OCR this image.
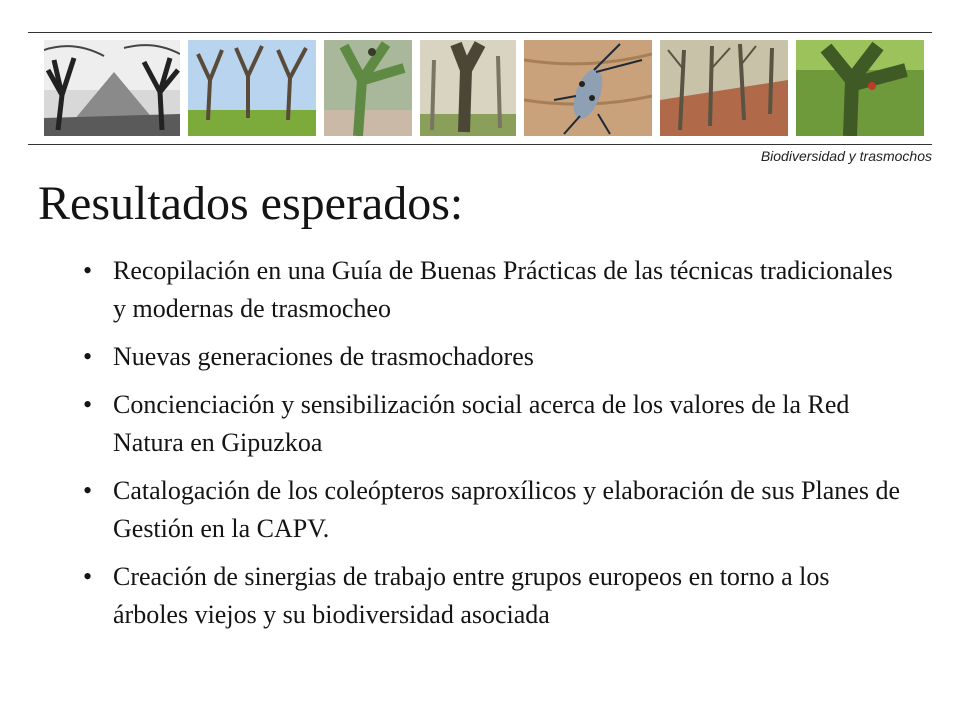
Biodiversidad y trasmochos
Resultados esperados:
• Recopilación en una Guía de Buenas Prácticas de las técnicas tradicionales y modernas de trasmocheo
• Nuevas generaciones de trasmochadores
• Concienciación y sensibilización social acerca de los valores de la Red Natura en Gipuzkoa
• Catalogación de los coleópteros saproxílicos y elaboración de sus Planes de Gestión en la CAPV.
• Creación de sinergias de trabajo entre grupos europeos en torno a los árboles viejos y su biodiversidad asociada
